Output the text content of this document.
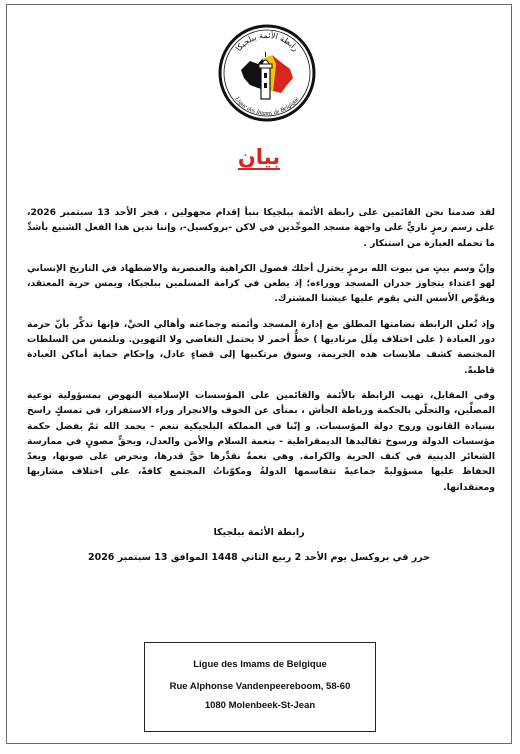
رابطة الأئمة ببلجيكا
Ligue des Imams de Belgique
بيان

لقد صدمنا نحن القائمين على رابطة الأئمة ببلجيكا بنبأ إقدام مجهولين ، فجر الأحد 13 سبتمبر 2026، على رسم رمزٍ نازيٍّ على واجهة مسجد الموحِّدين في لاكن -بروكسيل-، وإننا ندين هذا الفعل الشنيع بأشدِّ ما تحمله العبارة من استنكار .

وإنّ وسم بيتٍ من بيوت الله برمزٍ يختزل أحلك فصول الكراهية والعنصرية والاضطهاد في التاريخ الإنساني لهو اعتداء يتجاوز جدران المسجد ووراءه؛ إذ يطعن في كرامة المسلمين ببلجيكا، ويمس حرية المعتقد، ويقوِّض الأسس التي يقوم عليها عيشنا المشترك.

وإذ تُعلن الرابطة تضامنها المطلق مع إدارة المسجد وأئمته وجماعته وأهالي الحيِّ، فإنها تذكِّر بأنّ حرمة دور العبادة ( على اختلاف مِلَل مرتاديها ) خطٌّ أحمر لا يحتمل التغاضي ولا التهوين. ونلتمس من السلطات المختصة كشف ملابسات هذه الجريمة، وسوق مرتكبيها إلى قضاءٍ عادل، وإحكام حماية أماكن العبادة قاطبةً.

وفي المقابل، تهيب الرابطة بالأئمة والقائمين على المؤسسات الإسلامية النهوض بمسؤولية توعية المصلِّين، والتحلّي بالحكمة ورباطة الجأش ، بمنأى عن الخوف والانجرار وراء الاستفزاز، في تمسكٍ راسخ بسيادة القانون وروح دولة المؤسسات. و إنّنا في المملكة البلجيكية ننعم - بحمد الله ثمّ بفضل حكمة مؤسسات الدولة ورسوخ تقاليدها الديمقراطية - بنعمة السلام والأمن والعدل، وبحقٍّ مصونٍ في ممارسة الشعائر الدينية في كنف الحرية والكرامة. وهي نعمةٌ نقدِّرها حقَّ قدرها، ونحرص على صونها، ويعدّ الحفاظ عليها مسؤوليةً جماعيةً تتقاسمها الدولةُ ومكوّناتُ المجتمع كافةً، على اختلاف مشاربها ومعتقداتها.

رابطة الأئمة ببلجيكا
حرر في بروكسل يوم الأحد 2 ربيع الثاني 1448 الموافق 13 سبتمبر 2026
Ligue des Imams de Belgique
Rue Alphonse Vandenpeereboom, 58-60
1080 Molenbeek-St-Jean
